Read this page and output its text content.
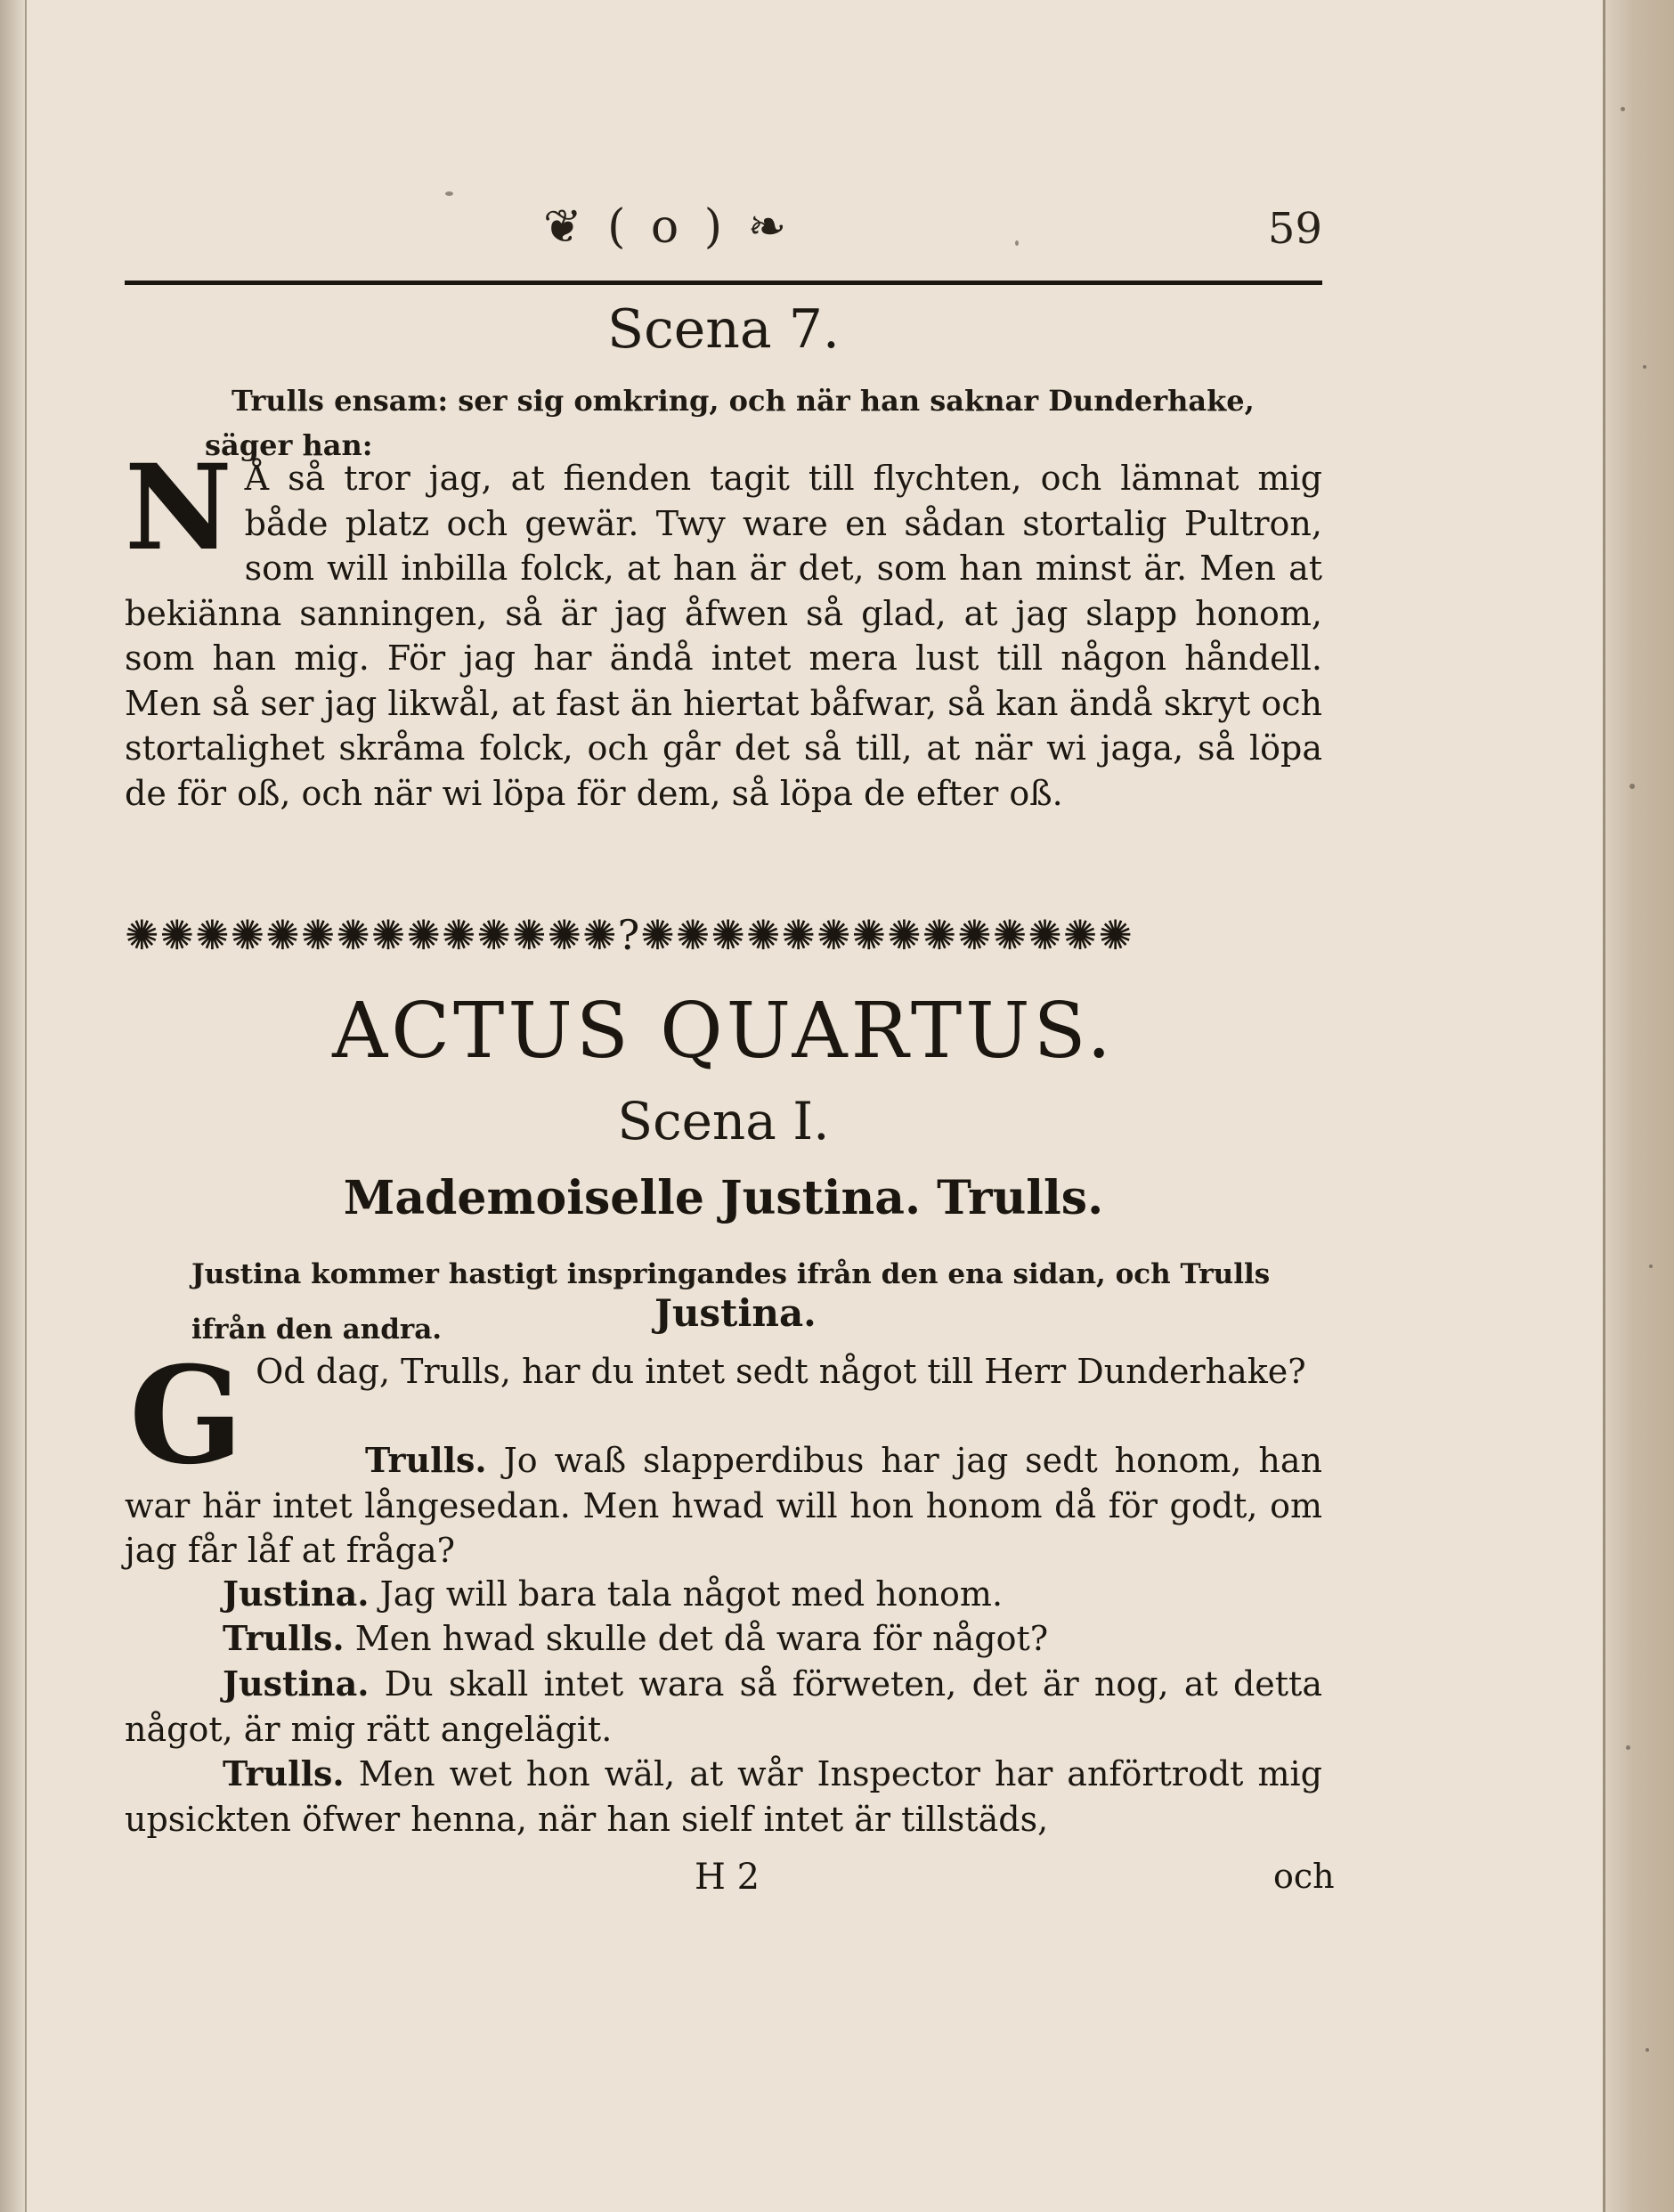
❦ ( o ) ❧	59
Scena 7.
Trulls ensam: ser sig omkring, och när han saknar Dunderhake, säger han:
N Å så tror jag, at fienden tagit till flychten, och lämnat mig både platz och gewär. Twy ware en sådan stortalig Pultron, som will inbilla folck, at han är det, som han minst är. Men at bekiänna sanningen, så är jag åfwen så glad, at jag slapp honom, som han mig. För jag har ändå intet mera lust till någon håndell. Men så ser jag likwål, at fast än hiertat båfwar, så kan ändå skryt och stortalighet skråma folck, och går det så till, at när wi jaga, så löpa de för oß, och när wi löpa för dem, så löpa de efter oß.
✺✺✺✺✺✺✺✺✺✺✺✺✺✺?✺✺✺✺✺✺✺✺✺✺✺✺✺✺
ACTUS QUARTUS.
Scena I.
Mademoiselle Justina. Trulls.
Justina kommer hastigt inspringandes ifrån den ena sidan, och Trulls ifrån den andra.	Justina.
G Od dag, Trulls, har du intet sedt något till Herr Dunderhake?
Trulls. Jo waß slapperdibus har jag sedt honom, han war här intet långesedan. Men hwad will hon honom då för godt, om jag får låf at fråga?
Justina. Jag will bara tala något med honom.
Trulls. Men hwad skulle det då wara för något?
Justina. Du skall intet wara så förweten, det är nog, at detta något, är mig rätt angelägit.
Trulls. Men wet hon wäl, at wår Inspector har anförtrodt mig upsickten öfwer henna, när han sielf intet är tillstäds,
H 2	och
